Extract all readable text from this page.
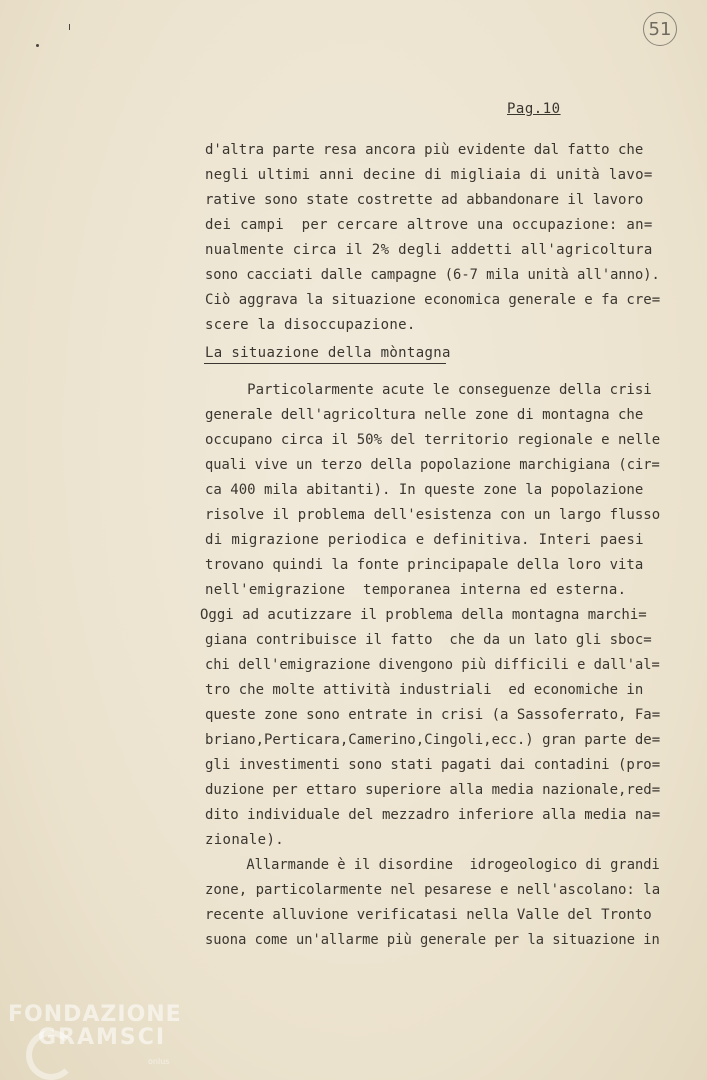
51
Pag.10
d'altra parte resa ancora più evidente dal fatto che
negli ultimi anni decine di migliaia di unità lavo=
rative sono state costrette ad abbandonare il lavoro
dei campi  per cercare altrove una occupazione: an=
nualmente circa il 2% degli addetti all'agricoltura
sono cacciati dalle campagne (6-7 mila unità all'anno).
Ciò aggrava la situazione economica generale e fa cre=
scere la disoccupazione.
La situazione della mòntagna
Particolarmente acute le conseguenze della crisi
generale dell'agricoltura nelle zone di montagna che
occupano circa il 50% del territorio regionale e nelle
quali vive un terzo della popolazione marchigiana (cir=
ca 400 mila abitanti). In queste zone la popolazione
risolve il problema dell'esistenza con un largo flusso
di migrazione periodica e definitiva. Interi paesi
trovano quindi la fonte principapale della loro vita
nell'emigrazione  temporanea interna ed esterna.
Oggi ad acutizzare il problema della montagna marchi=
giana contribuisce il fatto  che da un lato gli sboc=
chi dell'emigrazione divengono più difficili e dall'al=
tro che molte attività industriali  ed economiche in
queste zone sono entrate in crisi (a Sassoferrato, Fa=
briano,Perticara,Camerino,Cingoli,ecc.) gran parte de=
gli investimenti sono stati pagati dai contadini (pro=
duzione per ettaro superiore alla media nazionale,red=
dito individuale del mezzadro inferiore alla media na=
zionale).
Allarmande è il disordine  idrogeologico di grandi
zone, particolarmente nel pesarese e nell'ascolano: la
recente alluvione verificatasi nella Valle del Tronto
suona come un'allarme più generale per la situazione in
FONDAZIONE
GRAMSCI
onlus
